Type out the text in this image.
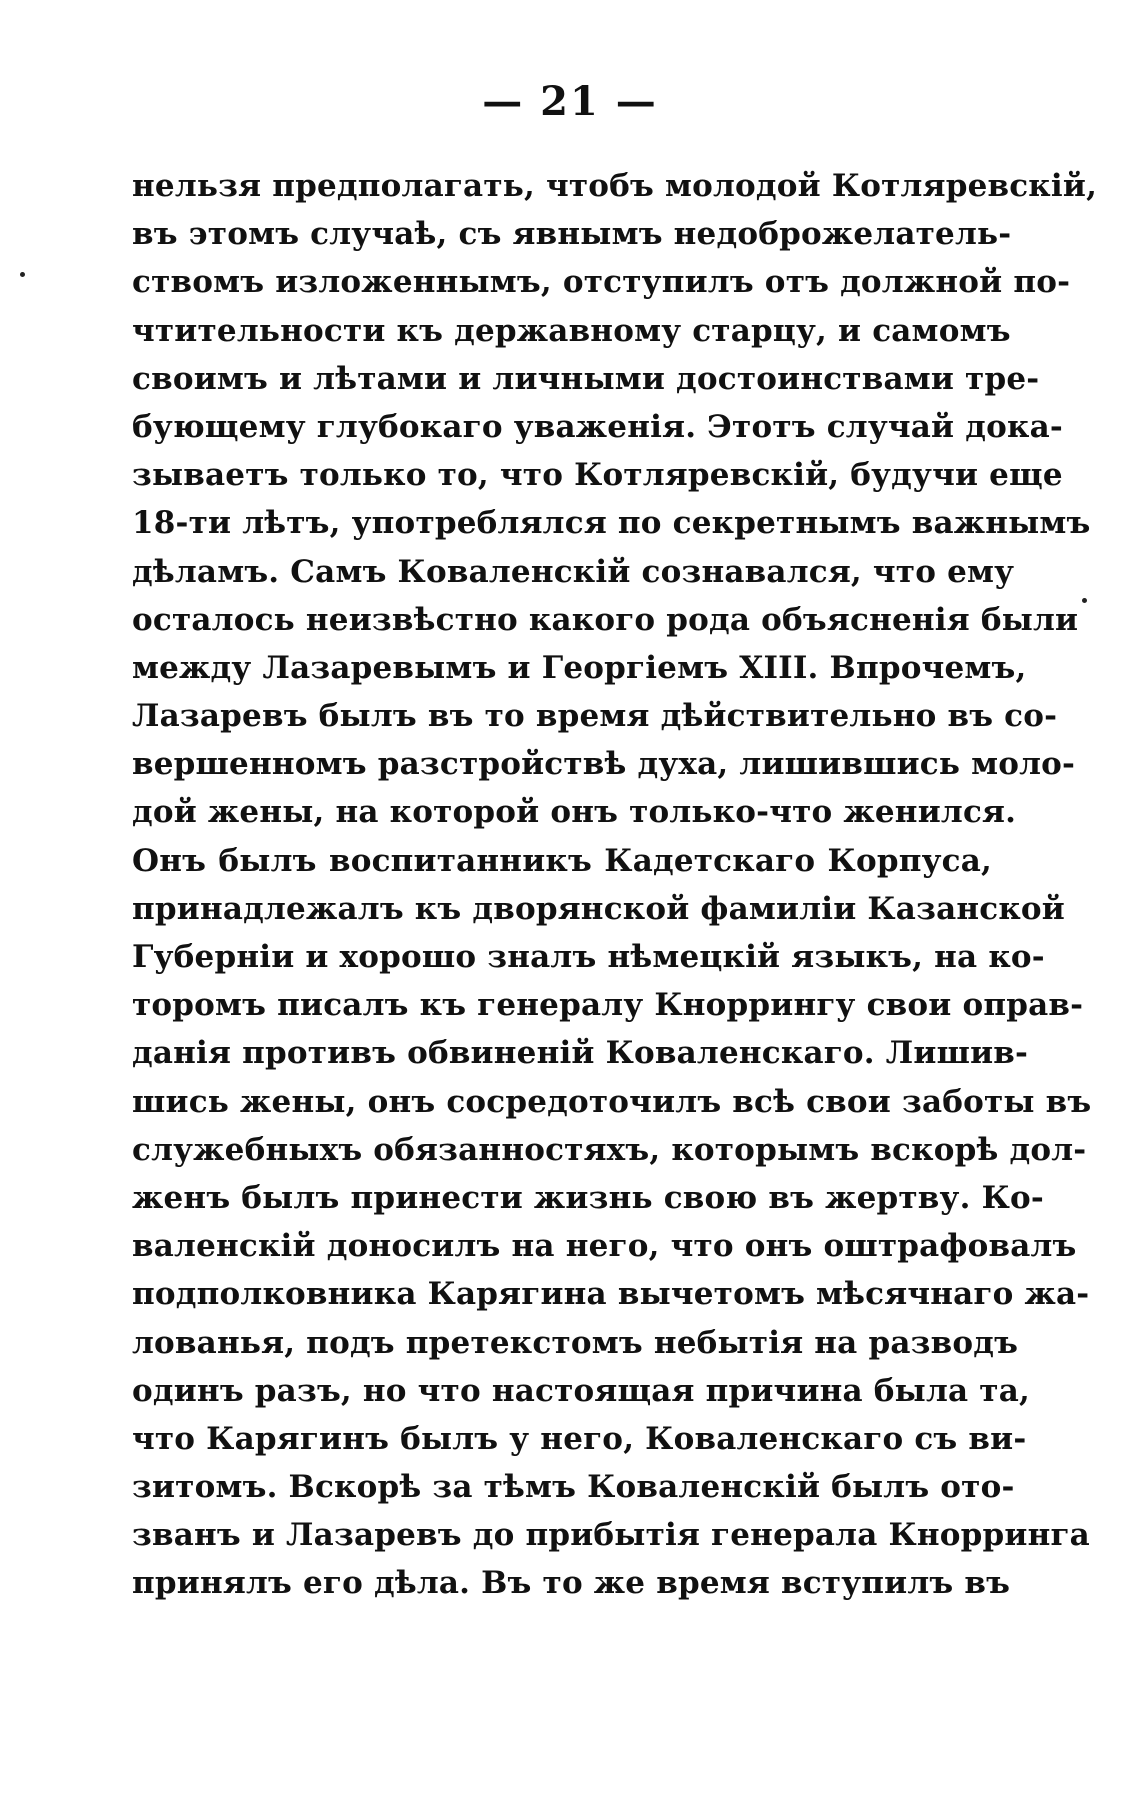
— 21 —
нельзя предполагать, чтобъ молодой Котляревскій,
въ этомъ случаѣ, съ явнымъ недоброжелатель-
ствомъ изложеннымъ, отступилъ отъ должной по-
чтительности къ державному старцу, и самомъ
своимъ и лѣтами и личными достоинствами тре-
бующему глубокаго уваженія. Этотъ случай дока-
зываетъ только то, что Котляревскій, будучи еще
18-ти лѣтъ, употреблялся по секретнымъ важнымъ
дѣламъ. Самъ Коваленскій сознавался, что ему
осталось неизвѣстно какого рода объясненія были
между Лазаревымъ и Георгіемъ XIII. Впрочемъ,
Лазаревъ былъ въ то время дѣйствительно въ со-
вершенномъ разстройствѣ духа, лишившись моло-
дой жены, на которой онъ только-что женился.
Онъ былъ воспитанникъ Кадетскаго Корпуса,
принадлежалъ къ дворянской фамиліи Казанской
Губерніи и хорошо зналъ нѣмецкій языкъ, на ко-
торомъ писалъ къ генералу Кноррингу свои оправ-
данія противъ обвиненій Коваленскаго. Лишив-
шись жены, онъ сосредоточилъ всѣ свои заботы въ
служебныхъ обязанностяхъ, которымъ вскорѣ дол-
женъ былъ принести жизнь свою въ жертву. Ко-
валенскій доносилъ на него, что онъ оштрафовалъ
подполковника Карягина вычетомъ мѣсячнаго жа-
лованья, подъ претекстомъ небытія на разводъ
одинъ разъ, но что настоящая причина была та,
что Карягинъ былъ у него, Коваленскаго съ ви-
зитомъ. Вскорѣ за тѣмъ Коваленскій былъ ото-
званъ и Лазаревъ до прибытія генерала Кнорринга
принялъ его дѣла. Въ то же время вступилъ въ
